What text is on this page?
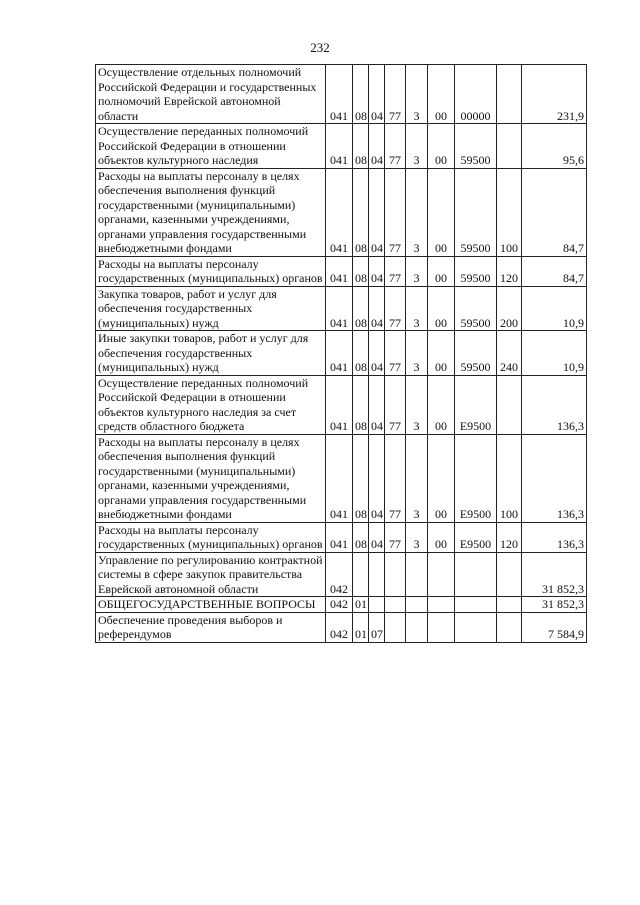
232
Осуществление отдельных полномочий Российской Федерации и государственных полномочий Еврейской автономной области	041	08	04	77	3	00	00000		231,9
Осуществление переданных полномочий Российской Федерации в отношении объектов культурного наследия	041	08	04	77	3	00	59500		95,6
Расходы на выплаты персоналу в целях обеспечения выполнения функций государственными (муниципальными) органами, казенными учреждениями, органами управления государственными внебюджетными фондами	041	08	04	77	3	00	59500	100	84,7
Расходы на выплаты персоналу государственных (муниципальных) органов	041	08	04	77	3	00	59500	120	84,7
Закупка товаров, работ и услуг для обеспечения государственных (муниципальных) нужд	041	08	04	77	3	00	59500	200	10,9
Иные закупки товаров, работ и услуг для обеспечения государственных (муниципальных) нужд	041	08	04	77	3	00	59500	240	10,9
Осуществление переданных полномочий Российской Федерации в отношении объектов культурного наследия за счет средств областного бюджета	041	08	04	77	3	00	Е9500		136,3
Расходы на выплаты персоналу в целях обеспечения выполнения функций государственными (муниципальными) органами, казенными учреждениями, органами управления государственными внебюджетными фондами	041	08	04	77	3	00	Е9500	100	136,3
Расходы на выплаты персоналу государственных (муниципальных) органов	041	08	04	77	3	00	Е9500	120	136,3
Управление по регулированию контрактной системы в сфере закупок правительства Еврейской автономной области	042								31 852,3
ОБЩЕГОСУДАРСТВЕННЫЕ ВОПРОСЫ	042	01							31 852,3
Обеспечение проведения выборов и референдумов	042	01	07						7 584,9
